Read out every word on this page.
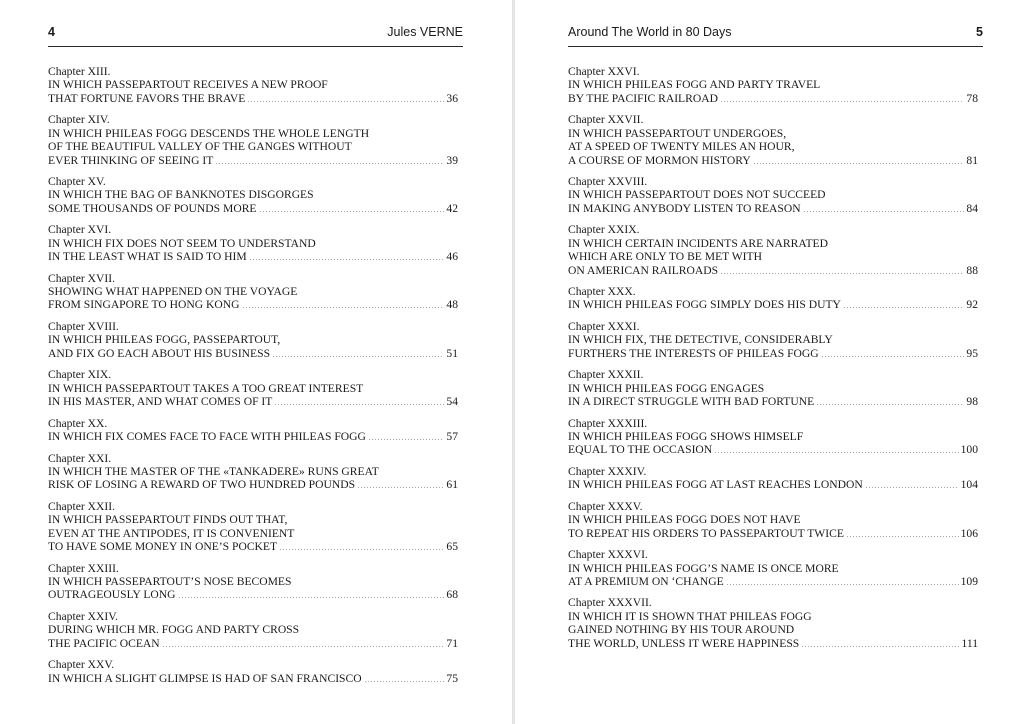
4	Jules VERNE
Chapter XIII.
IN WHICH PASSEPARTOUT RECEIVES A NEW PROOF
THAT FORTUNE FAVORS THE BRAVE	36
Chapter XIV.
IN WHICH PHILEAS FOGG DESCENDS THE WHOLE LENGTH
OF THE BEAUTIFUL VALLEY OF THE GANGES WITHOUT
EVER THINKING OF SEEING IT	39
Chapter XV.
IN WHICH THE BAG OF BANKNOTES DISGORGES
SOME THOUSANDS OF POUNDS MORE	42
Chapter XVI.
IN WHICH FIX DOES NOT SEEM TO UNDERSTAND
IN THE LEAST WHAT IS SAID TO HIM	46
Chapter XVII.
SHOWING WHAT HAPPENED ON THE VOYAGE
FROM SINGAPORE TO HONG KONG	48
Chapter XVIII.
IN WHICH PHILEAS FOGG, PASSEPARTOUT,
AND FIX GO EACH ABOUT HIS BUSINESS	51
Chapter XIX.
IN WHICH PASSEPARTOUT TAKES A TOO GREAT INTEREST
IN HIS MASTER, AND WHAT COMES OF IT	54
Chapter XX.
IN WHICH FIX COMES FACE TO FACE WITH PHILEAS FOGG	57
Chapter XXI.
IN WHICH THE MASTER OF THE «TANKADERE» RUNS GREAT
RISK OF LOSING A REWARD OF TWO HUNDRED POUNDS	61
Chapter XXII.
IN WHICH PASSEPARTOUT FINDS OUT THAT,
EVEN AT THE ANTIPODES, IT IS CONVENIENT
TO HAVE SOME MONEY IN ONE’S POCKET	65
Chapter XXIII.
IN WHICH PASSEPARTOUT’S NOSE BECOMES
OUTRAGEOUSLY LONG	68
Chapter XXIV.
DURING WHICH MR. FOGG AND PARTY CROSS
THE PACIFIC OCEAN	71
Chapter XXV.
IN WHICH A SLIGHT GLIMPSE IS HAD OF SAN FRANCISCO	75
Around The World in 80 Days	5
Chapter XXVI.
IN WHICH PHILEAS FOGG AND PARTY TRAVEL
BY THE PACIFIC RAILROAD	78
Chapter XXVII.
IN WHICH PASSEPARTOUT UNDERGOES,
AT A SPEED OF TWENTY MILES AN HOUR,
A COURSE OF MORMON HISTORY	81
Chapter XXVIII.
IN WHICH PASSEPARTOUT DOES NOT SUCCEED
IN MAKING ANYBODY LISTEN TO REASON	84
Chapter XXIX.
IN WHICH CERTAIN INCIDENTS ARE NARRATED
WHICH ARE ONLY TO BE MET WITH
ON AMERICAN RAILROADS	88
Chapter XXX.
IN WHICH PHILEAS FOGG SIMPLY DOES HIS DUTY	92
Chapter XXXI.
IN WHICH FIX, THE DETECTIVE, CONSIDERABLY
FURTHERS THE INTERESTS OF PHILEAS FOGG	95
Chapter XXXII.
IN WHICH PHILEAS FOGG ENGAGES
IN A DIRECT STRUGGLE WITH BAD FORTUNE	98
Chapter XXXIII.
IN WHICH PHILEAS FOGG SHOWS HIMSELF
EQUAL TO THE OCCASION	100
Chapter XXXIV.
IN WHICH PHILEAS FOGG AT LAST REACHES LONDON	104
Chapter XXXV.
IN WHICH PHILEAS FOGG DOES NOT HAVE
TO REPEAT HIS ORDERS TO PASSEPARTOUT TWICE	106
Chapter XXXVI.
IN WHICH PHILEAS FOGG’S NAME IS ONCE MORE
AT A PREMIUM ON ‘CHANGE	109
Chapter XXXVII.
IN WHICH IT IS SHOWN THAT PHILEAS FOGG
GAINED NOTHING BY HIS TOUR AROUND
THE WORLD, UNLESS IT WERE HAPPINESS	111
